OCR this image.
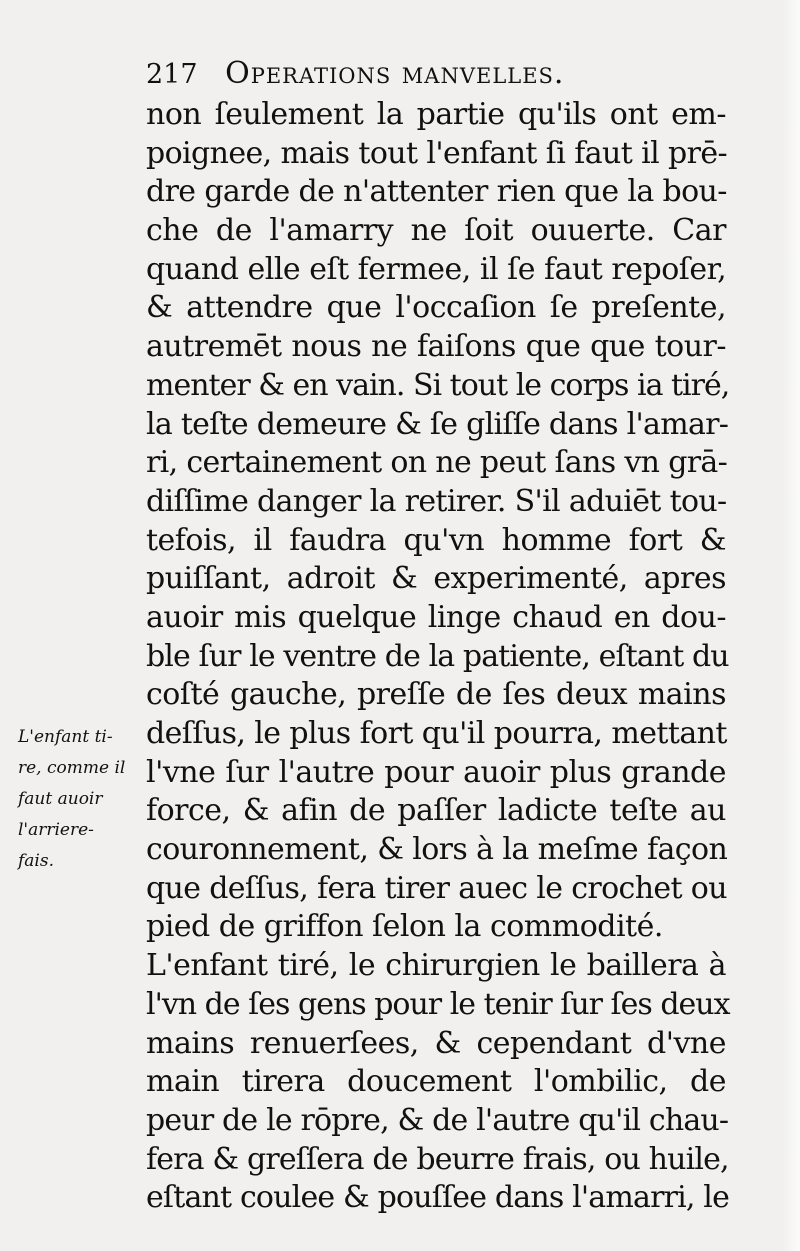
217 Operations manvelles.
non ſeulement la partie qu'ils ont em-
poignee, mais tout l'enfant ſi faut il prē-
dre garde de n'attenter rien que la bou-
che de l'amarry ne ſoit ouuerte. Car
quand elle eſt fermee, il ſe faut repoſer,
& attendre que l'occaſion ſe preſente,
autremēt nous ne faiſons que que tour-
menter & en vain. Si tout le corps ia tiré,
la teſte demeure & ſe gliſſe dans l'amar-
ri, certainement on ne peut ſans vn grā-
diſſime danger la retirer. S'il aduiēt tou-
tefois, il faudra qu'vn homme fort &
puiſſant, adroit & experimenté, apres
auoir mis quelque linge chaud en dou-
ble ſur le ventre de la patiente, eſtant du
coſté gauche, preſſe de ſes deux mains
deſſus, le plus fort qu'il pourra, mettant
l'vne ſur l'autre pour auoir plus grande
force, & afin de paſſer ladicte teſte au
couronnement, & lors à la meſme façon
que deſſus, fera tirer auec le crochet ou
pied de griffon ſelon la commodité.
L'enfant tiré, le chirurgien le baillera à
l'vn de ſes gens pour le tenir ſur ſes deux
mains renuerſees, & cependant d'vne
main tirera doucement l'ombilic, de
peur de le rōpre, & de l'autre qu'il chau-
fera & greſſera de beurre frais, ou huile,
eſtant coulee & pouſſee dans l'amarri, le
L'enfant ti-
re, comme il
faut auoir
l'arriere-
fais.
